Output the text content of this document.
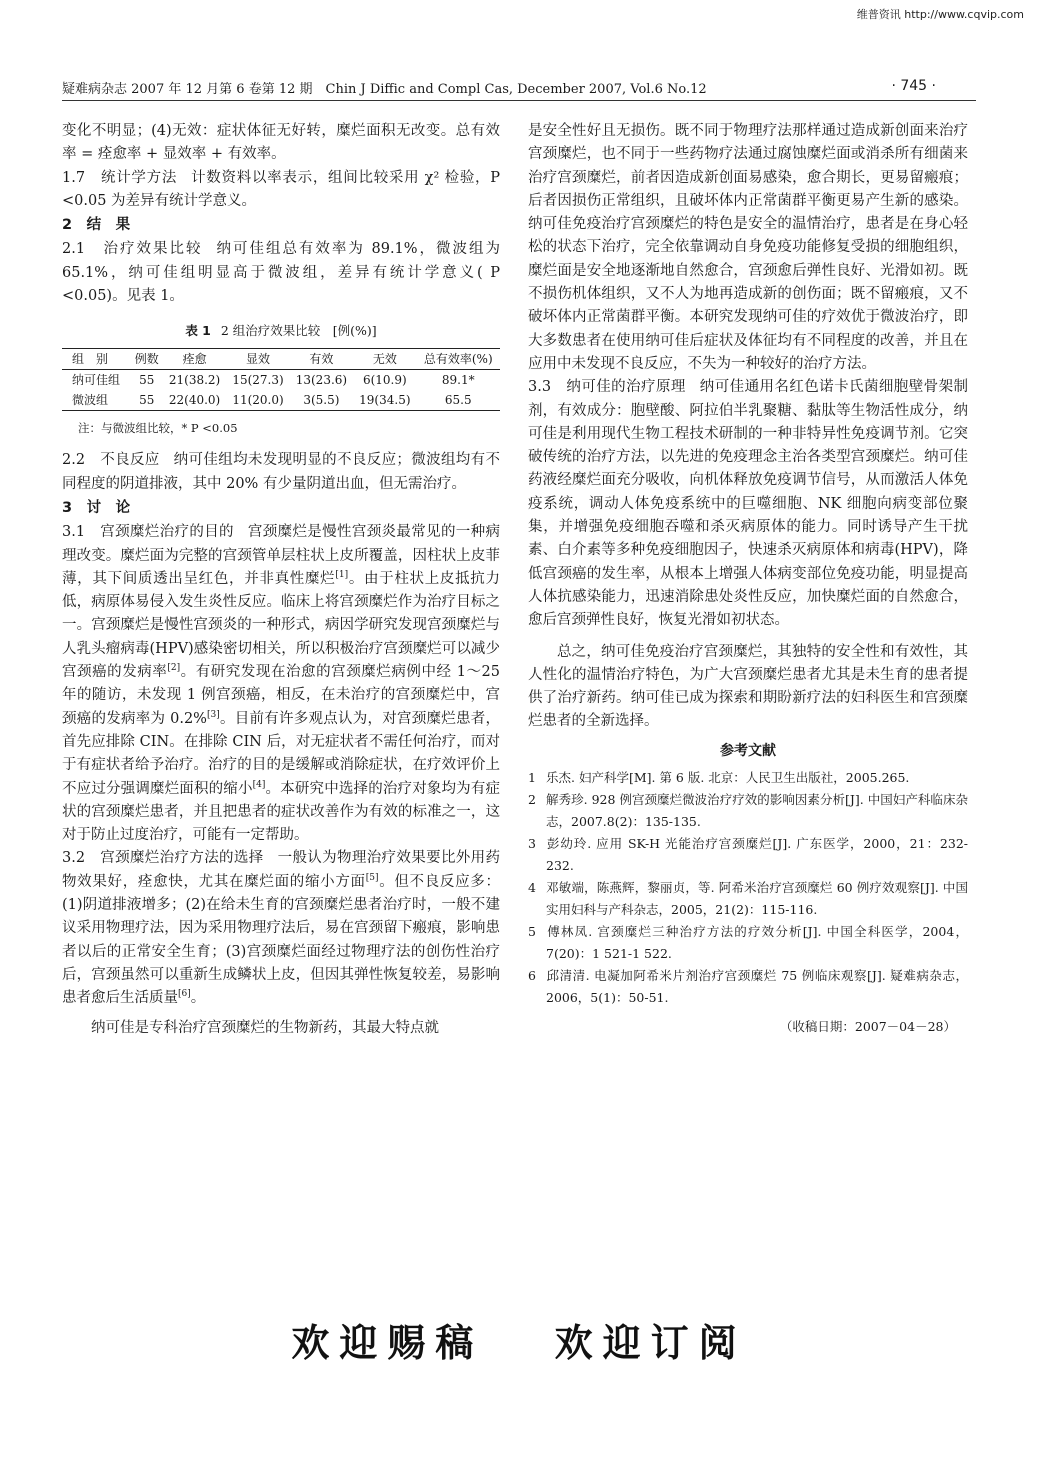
维普资讯 http://www.cqvip.com
疑难病杂志 2007 年 12 月第 6 卷第 12 期　Chin J Diffic and Compl Cas, December 2007, Vol.6 No.12	· 745 ·

变化不明显；(4)无效：症状体征无好转，糜烂面积无改变。总有效率 = 痊愈率 + 显效率 + 有效率。

1.7　统计学方法 计数资料以率表示，组间比较采用 χ² 检验，P <0.05 为差异有统计学意义。

2　结　果

2.1　治疗效果比较 纳可佳组总有效率为 89.1%，微波组为 65.1%，纳可佳组明显高于微波组，差异有统计学意义( P <0.05)。见表 1。

表 1 2 组治疗效果比较　[例(%)]
组　别	例数	痊愈	显效	有效	无效	总有效率(%)
纳可佳组	55	21(38.2)	15(27.3)	13(23.6)	6(10.9)	89.1*
微波组	55	22(40.0)	11(20.0)	3(5.5)	19(34.5)	65.5
注：与微波组比较，* P <0.05

2.2　不良反应 纳可佳组均未发现明显的不良反应；微波组均有不同程度的阴道排液，其中 20% 有少量阴道出血，但无需治疗。

3　讨　论

3.1　宫颈糜烂治疗的目的 宫颈糜烂是慢性宫颈炎最常见的一种病理改变。糜烂面为完整的宫颈管单层柱状上皮所覆盖，因柱状上皮菲薄，其下间质透出呈红色，并非真性糜烂[1]。由于柱状上皮抵抗力低，病原体易侵入发生炎性反应。临床上将宫颈糜烂作为治疗目标之一。宫颈糜烂是慢性宫颈炎的一种形式，病因学研究发现宫颈糜烂与人乳头瘤病毒(HPV)感染密切相关，所以积极治疗宫颈糜烂可以减少宫颈癌的发病率[2]。有研究发现在治愈的宫颈糜烂病例中经 1～25 年的随访，未发现 1 例宫颈癌，相反，在未治疗的宫颈糜烂中，宫颈癌的发病率为 0.2%[3]。目前有许多观点认为，对宫颈糜烂患者，首先应排除 CIN。在排除 CIN 后，对无症状者不需任何治疗，而对于有症状者给予治疗。治疗的目的是缓解或消除症状，在疗效评价上不应过分强调糜烂面积的缩小[4]。本研究中选择的治疗对象均为有症状的宫颈糜烂患者，并且把患者的症状改善作为有效的标准之一，这对于防止过度治疗，可能有一定帮助。

3.2　宫颈糜烂治疗方法的选择 一般认为物理治疗效果要比外用药物效果好，痊愈快，尤其在糜烂面的缩小方面[5]。但不良反应多：(1)阴道排液增多；(2)在给未生育的宫颈糜烂患者治疗时，一般不建议采用物理疗法，因为采用物理疗法后，易在宫颈留下瘢痕，影响患者以后的正常安全生育；(3)宫颈糜烂面经过物理疗法的创伤性治疗后，宫颈虽然可以重新生成鳞状上皮，但因其弹性恢复较差，易影响患者愈后生活质量[6]。

纳可佳是专科治疗宫颈糜烂的生物新药，其最大特点就

是安全性好且无损伤。既不同于物理疗法那样通过造成新创面来治疗宫颈糜烂，也不同于一些药物疗法通过腐蚀糜烂面或消杀所有细菌来治疗宫颈糜烂，前者因造成新创面易感染，愈合期长，更易留瘢痕；后者因损伤正常组织，且破坏体内正常菌群平衡更易产生新的感染。纳可佳免疫治疗宫颈糜烂的特色是安全的温情治疗，患者是在身心轻松的状态下治疗，完全依靠调动自身免疫功能修复受损的细胞组织，糜烂面是安全地逐渐地自然愈合，宫颈愈后弹性良好、光滑如初。既不损伤机体组织，又不人为地再造成新的创伤面；既不留瘢痕，又不破坏体内正常菌群平衡。本研究发现纳可佳的疗效优于微波治疗，即大多数患者在使用纳可佳后症状及体征均有不同程度的改善，并且在应用中未发现不良反应，不失为一种较好的治疗方法。

3.3　纳可佳的治疗原理 纳可佳通用名红色诺卡氏菌细胞壁骨架制剂，有效成分：胞壁酸、阿拉伯半乳聚糖、黏肽等生物活性成分，纳可佳是利用现代生物工程技术研制的一种非特异性免疫调节剂。它突破传统的治疗方法，以先进的免疫理念主治各类型宫颈糜烂。纳可佳药液经糜烂面充分吸收，向机体释放免疫调节信号，从而激活人体免疫系统，调动人体免疫系统中的巨噬细胞、NK 细胞向病变部位聚集，并增强免疫细胞吞噬和杀灭病原体的能力。同时诱导产生干扰素、白介素等多种免疫细胞因子，快速杀灭病原体和病毒(HPV)，降低宫颈癌的发生率，从根本上增强人体病变部位免疫功能，明显提高人体抗感染能力，迅速消除患处炎性反应，加快糜烂面的自然愈合，愈后宫颈弹性良好，恢复光滑如初状态。

总之，纳可佳免疫治疗宫颈糜烂，其独特的安全性和有效性，其人性化的温情治疗特色，为广大宫颈糜烂患者尤其是未生育的患者提供了治疗新药。纳可佳已成为探索和期盼新疗法的妇科医生和宫颈糜烂患者的全新选择。

参考文献
1 乐杰. 妇产科学[M]. 第 6 版. 北京：人民卫生出版社，2005.265.
2 解秀珍. 928 例宫颈糜烂微波治疗疗效的影响因素分析[J]. 中国妇产科临床杂志，2007.8(2)：135-135.
3 彭幼玲. 应用 SK-H 光能治疗宫颈糜烂[J]. 广东医学，2000，21：232-232.
4 邓敏端，陈燕辉，黎丽贞，等. 阿希米治疗宫颈糜烂 60 例疗效观察[J]. 中国实用妇科与产科杂志，2005，21(2)：115-116.
5 傅林凤. 宫颈糜烂三种治疗方法的疗效分析[J]. 中国全科医学，2004，7(20)：1 521-1 522.
6 邱清清. 电凝加阿希米片剂治疗宫颈糜烂 75 例临床观察[J]. 疑难病杂志，2006，5(1)：50-51.
（收稿日期：2007－04－28）
欢迎赐稿 欢迎订阅
